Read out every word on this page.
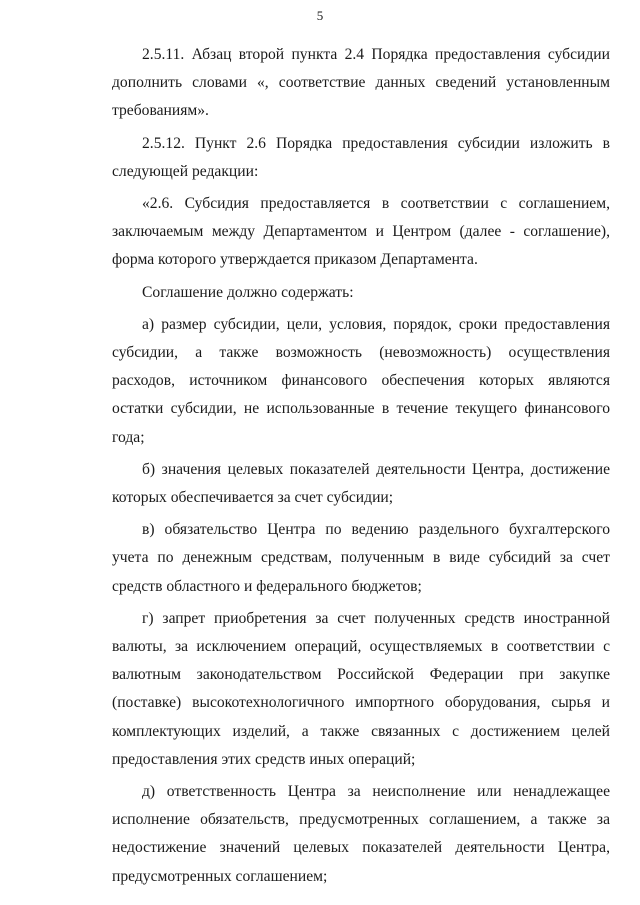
5

2.5.11. Абзац второй пункта 2.4 Порядка предоставления субсидии дополнить словами «, соответствие данных сведений установленным требованиям».

2.5.12. Пункт 2.6 Порядка предоставления субсидии изложить в следующей редакции:

«2.6. Субсидия предоставляется в соответствии с соглашением, заключаемым между Департаментом и Центром (далее - соглашение), форма которого утверждается приказом Департамента.

Соглашение должно содержать:

а) размер субсидии, цели, условия, порядок, сроки предоставления субсидии, а также возможность (невозможность) осуществления расходов, источником финансового обеспечения которых являются остатки субсидии, не использованные в течение текущего финансового года;

б) значения целевых показателей деятельности Центра, достижение которых обеспечивается за счет субсидии;

в) обязательство Центра по ведению раздельного бухгалтерского учета по денежным средствам, полученным в виде субсидий за счет средств областного и федерального бюджетов;

г) запрет приобретения за счет полученных средств иностранной валюты, за исключением операций, осуществляемых в соответствии с валютным законодательством Российской Федерации при закупке (поставке) высокотехнологичного импортного оборудования, сырья и комплектующих изделий, а также связанных с достижением целей предоставления этих средств иных операций;

д) ответственность Центра за неисполнение или ненадлежащее исполнение обязательств, предусмотренных соглашением, а также за недостижение значений целевых показателей деятельности Центра, предусмотренных соглашением;
